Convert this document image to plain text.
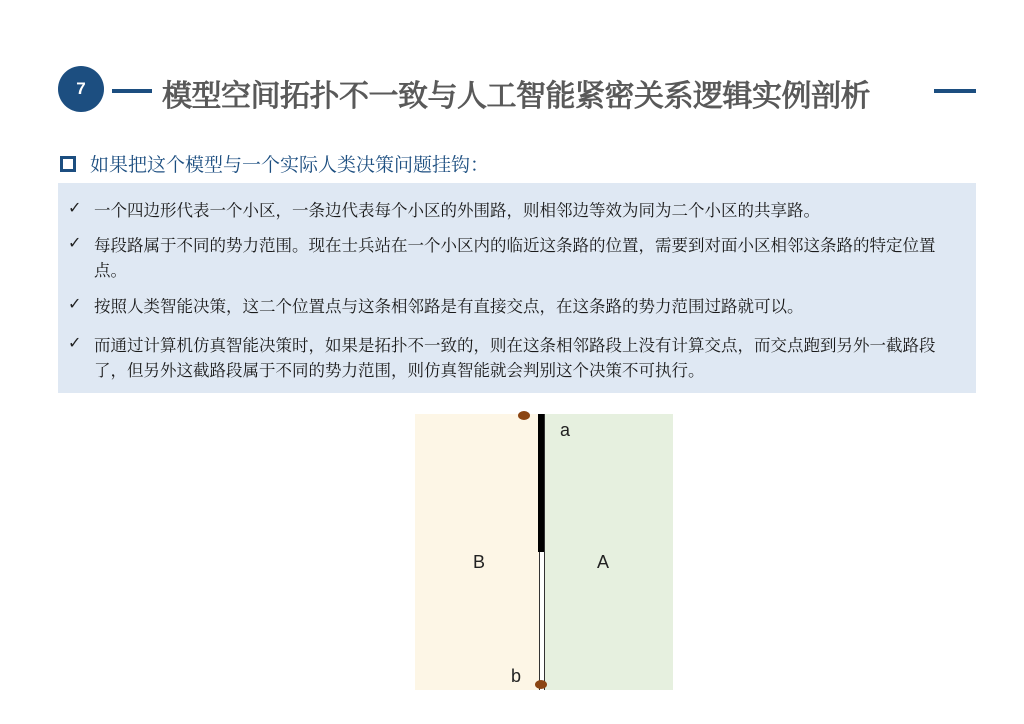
7	模型空间拓扑不一致与人工智能紧密关系逻辑实例剖析
如果把这个模型与一个实际人类决策问题挂钩：
✓ 一个四边形代表一个小区，一条边代表每个小区的外围路，则相邻边等效为同为二个小区的共享路。
✓ 每段路属于不同的势力范围。现在士兵站在一个小区内的临近这条路的位置，需要到对面小区相邻这条路的特定位置点。
✓ 按照人类智能决策，这二个位置点与这条相邻路是有直接交点，在这条路的势力范围过路就可以。
✓ 而通过计算机仿真智能决策时，如果是拓扑不一致的，则在这条相邻路段上没有计算交点，而交点跑到另外一截路段了，但另外这截路段属于不同的势力范围，则仿真智能就会判别这个决策不可执行。
a
b
B	A
